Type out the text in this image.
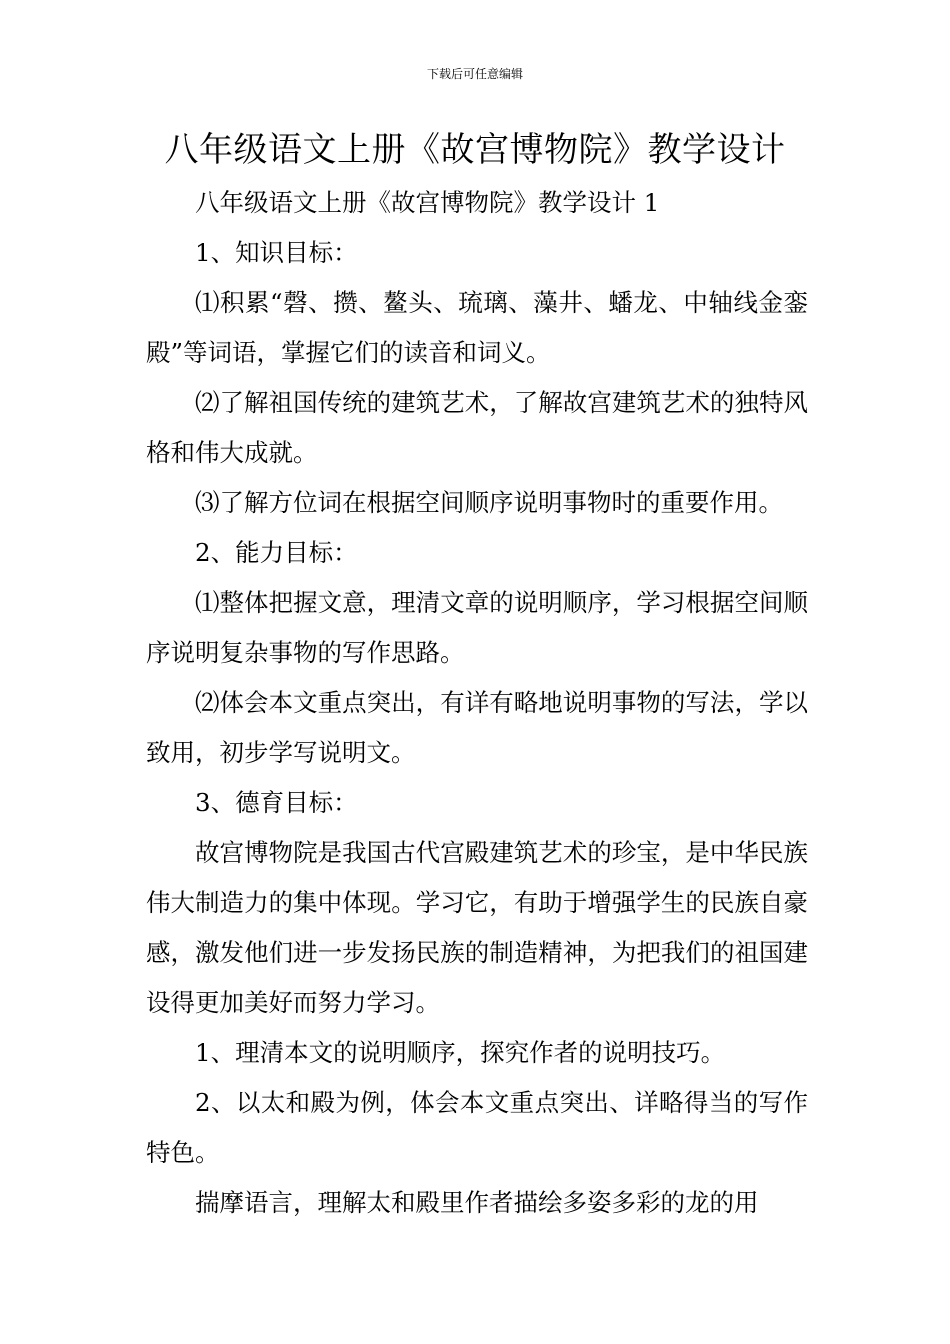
下载后可任意编辑
八年级语文上册《故宫博物院》教学设计

八年级语文上册《故宫博物院》教学设计 1

1、知识目标：

⑴积累“磬、攒、鳌头、琉璃、藻井、蟠龙、中轴线金銮殿”等词语，掌握它们的读音和词义。

⑵了解祖国传统的建筑艺术，了解故宫建筑艺术的独特风格和伟大成就。

⑶了解方位词在根据空间顺序说明事物时的重要作用。

2、能力目标：

⑴整体把握文意，理清文章的说明顺序，学习根据空间顺序说明复杂事物的写作思路。

⑵体会本文重点突出，有详有略地说明事物的写法，学以致用，初步学写说明文。

3、德育目标：

故宫博物院是我国古代宫殿建筑艺术的珍宝，是中华民族伟大制造力的集中体现。学习它，有助于增强学生的民族自豪感，激发他们进一步发扬民族的制造精神，为把我们的祖国建设得更加美好而努力学习。

1、理清本文的说明顺序，探究作者的说明技巧。

2、以太和殿为例，体会本文重点突出、详略得当的写作特色。

揣摩语言，理解太和殿里作者描绘多姿多彩的龙的用
